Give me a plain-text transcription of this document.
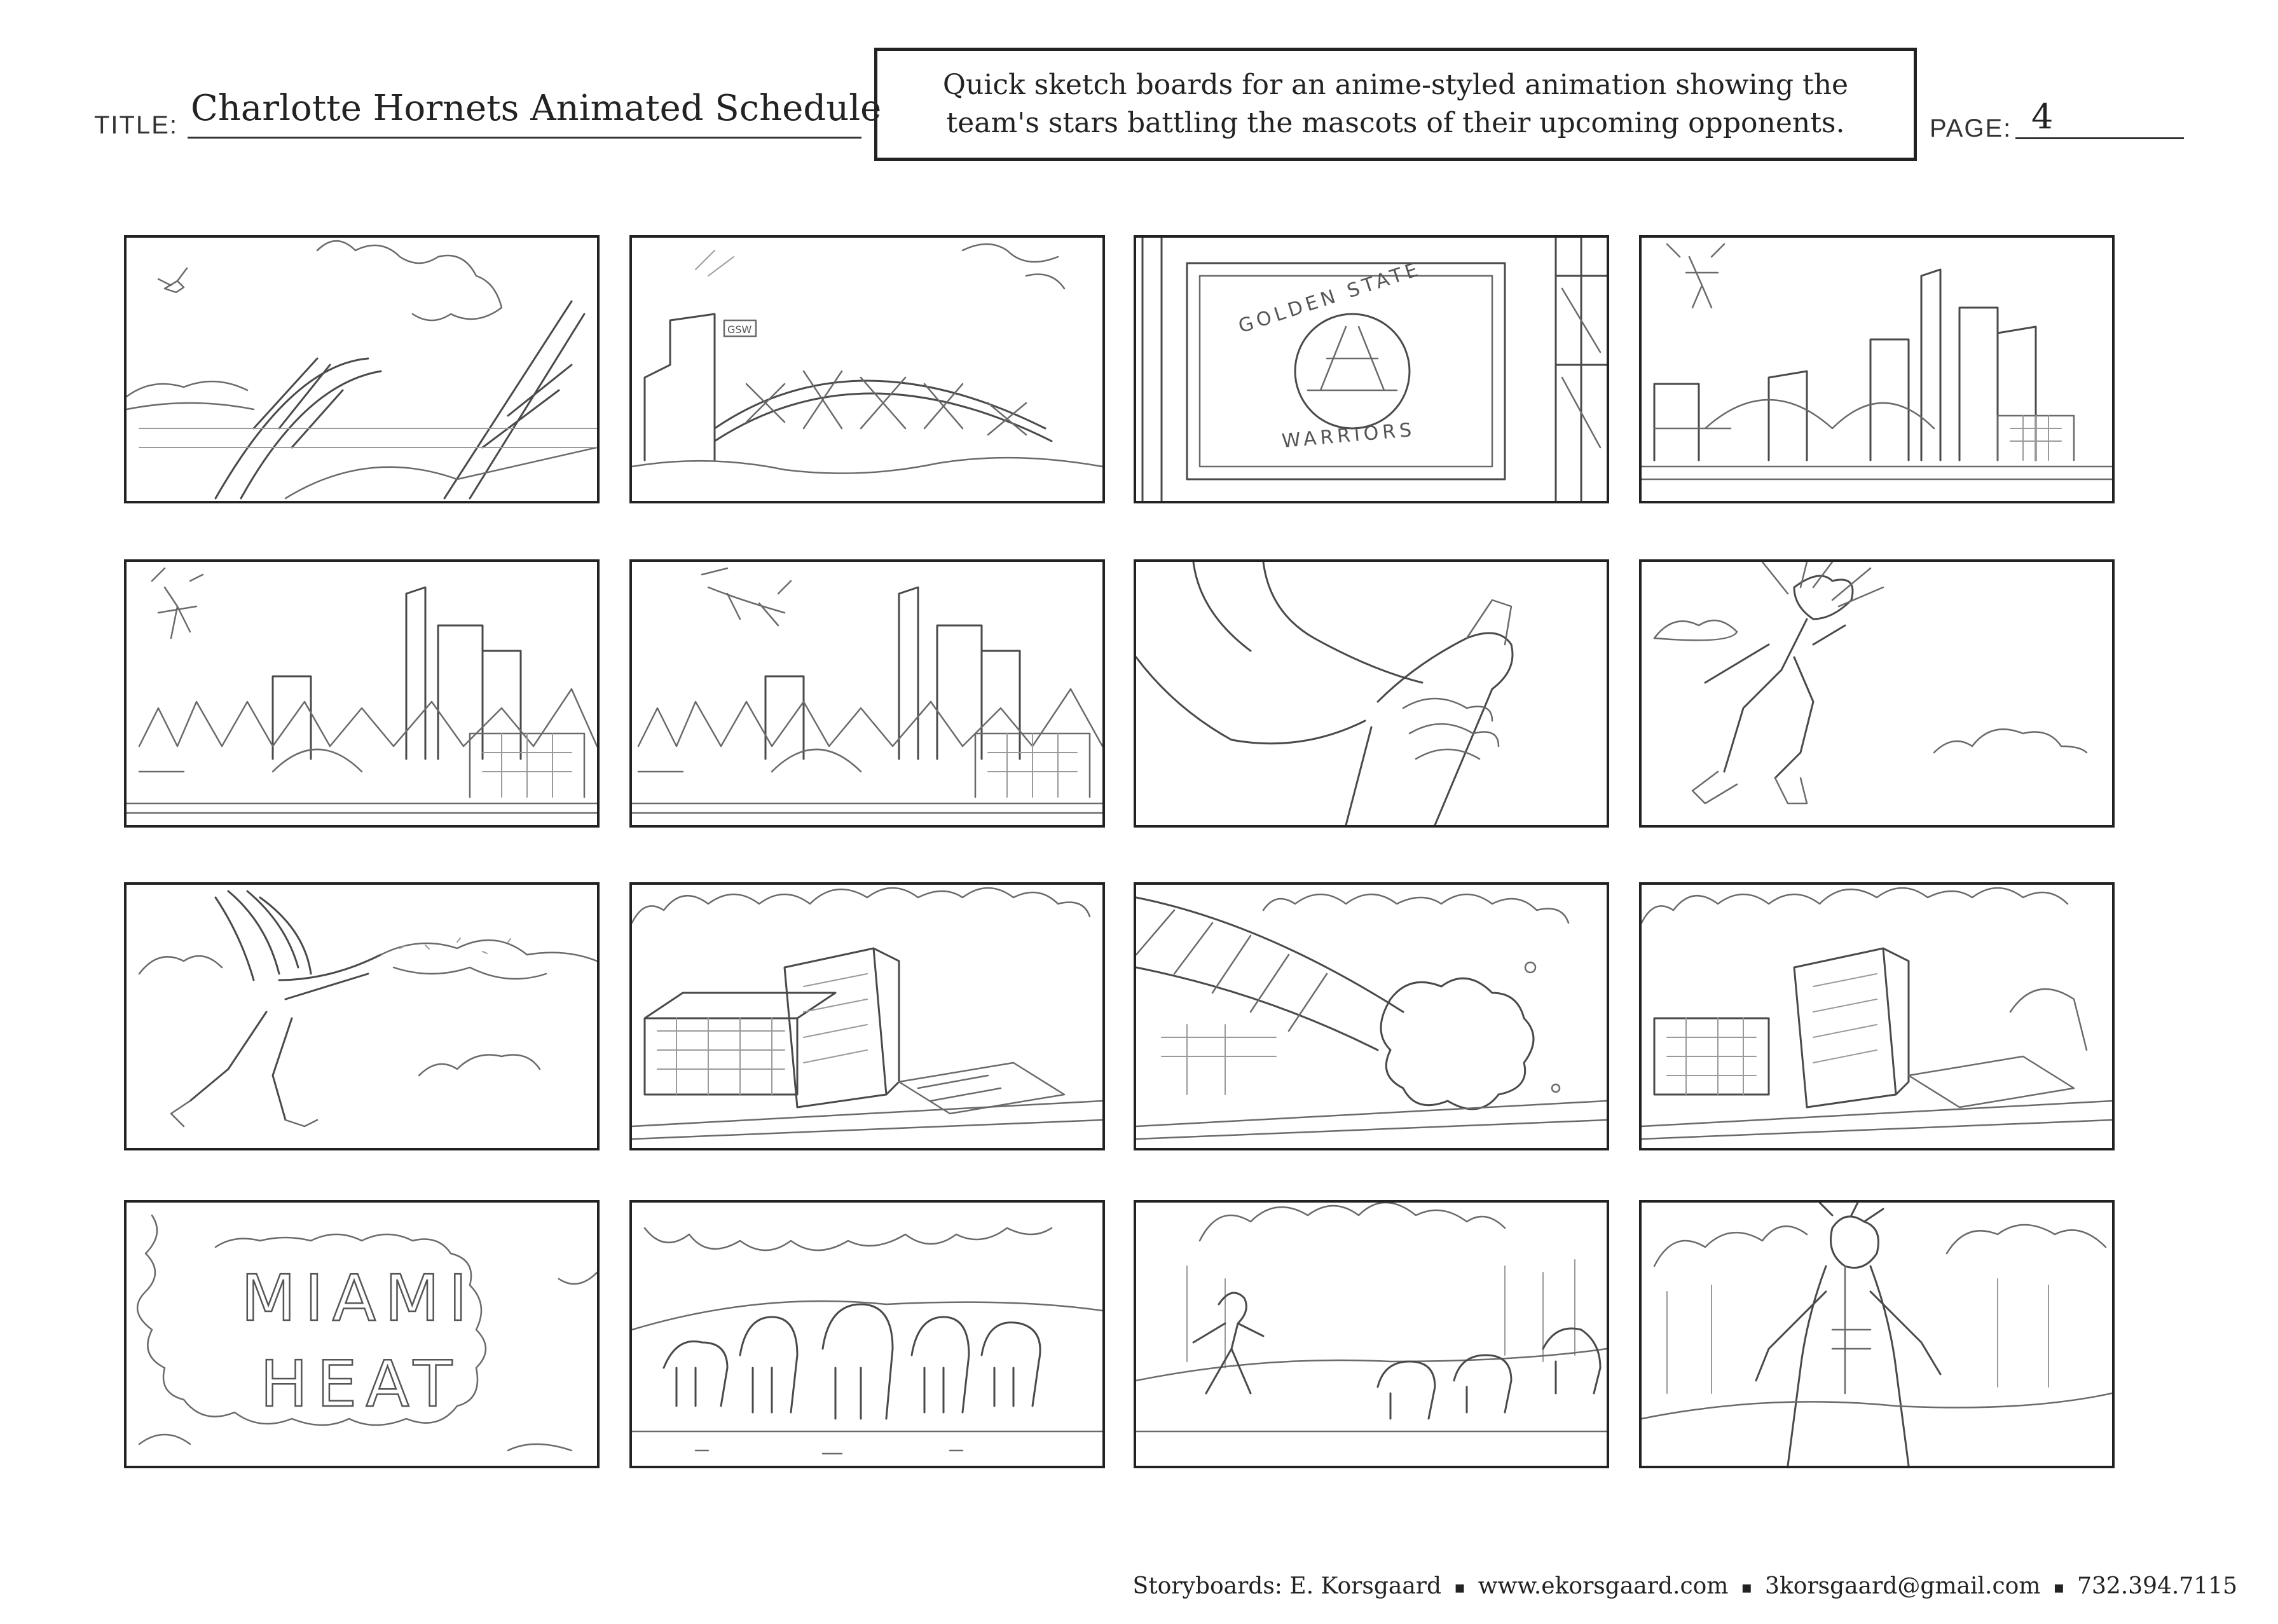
TITLE: Charlotte Hornets Animated Schedule
Quick sketch boards for an anime-styled animation showing the team's stars battling the mascots of their upcoming opponents.	PAGE: 4
GSW	GOLDEN STATE
WARRIORS
MIAMI
HEAT
Storyboards: E. Korsgaard ▪ www.ekorsgaard.com ▪ 3korsgaard@gmail.com ▪ 732.394.7115
